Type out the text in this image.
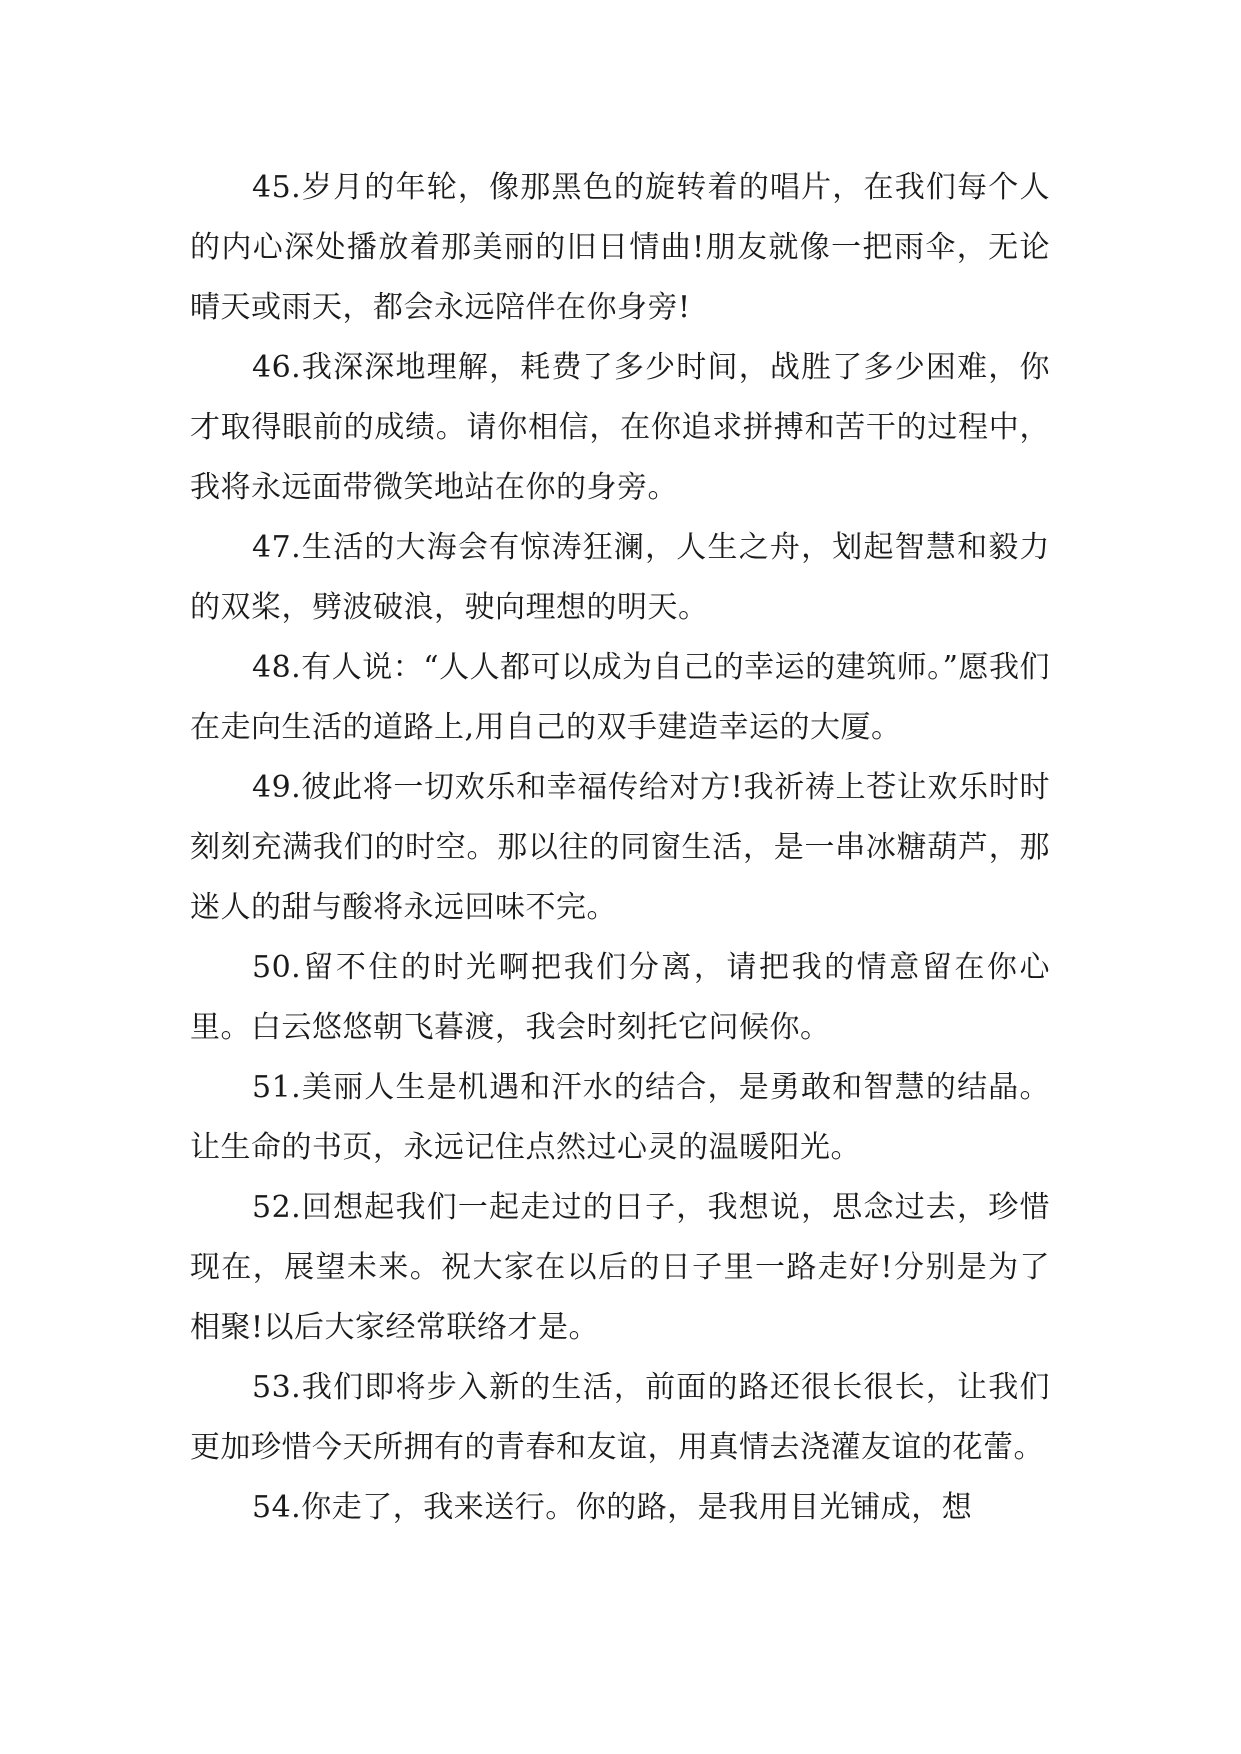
45.岁月的年轮，像那黑色的旋转着的唱片，在我们每个人的内心深处播放着那美丽的旧日情曲!朋友就像一把雨伞，无论晴天或雨天，都会永远陪伴在你身旁!

46.我深深地理解，耗费了多少时间，战胜了多少困难，你才取得眼前的成绩。请你相信，在你追求拼搏和苦干的过程中，我将永远面带微笑地站在你的身旁。

47.生活的大海会有惊涛狂澜，人生之舟，划起智慧和毅力的双桨，劈波破浪，驶向理想的明天。

48.有人说：“人人都可以成为自己的幸运的建筑师。”愿我们在走向生活的道路上,用自己的双手建造幸运的大厦。

49.彼此将一切欢乐和幸福传给对方!我祈祷上苍让欢乐时时刻刻充满我们的时空。那以往的同窗生活，是一串冰糖葫芦，那迷人的甜与酸将永远回味不完。

50.留不住的时光啊把我们分离，请把我的情意留在你心里。白云悠悠朝飞暮渡，我会时刻托它问候你。

51.美丽人生是机遇和汗水的结合，是勇敢和智慧的结晶。让生命的书页，永远记住点然过心灵的温暖阳光。

52.回想起我们一起走过的日子，我想说，思念过去，珍惜现在，展望未来。祝大家在以后的日子里一路走好!分别是为了相聚!以后大家经常联络才是。

53.我们即将步入新的生活，前面的路还很长很长，让我们更加珍惜今天所拥有的青春和友谊，用真情去浇灌友谊的花蕾。

54.你走了，我来送行。你的路，是我用目光铺成，想
